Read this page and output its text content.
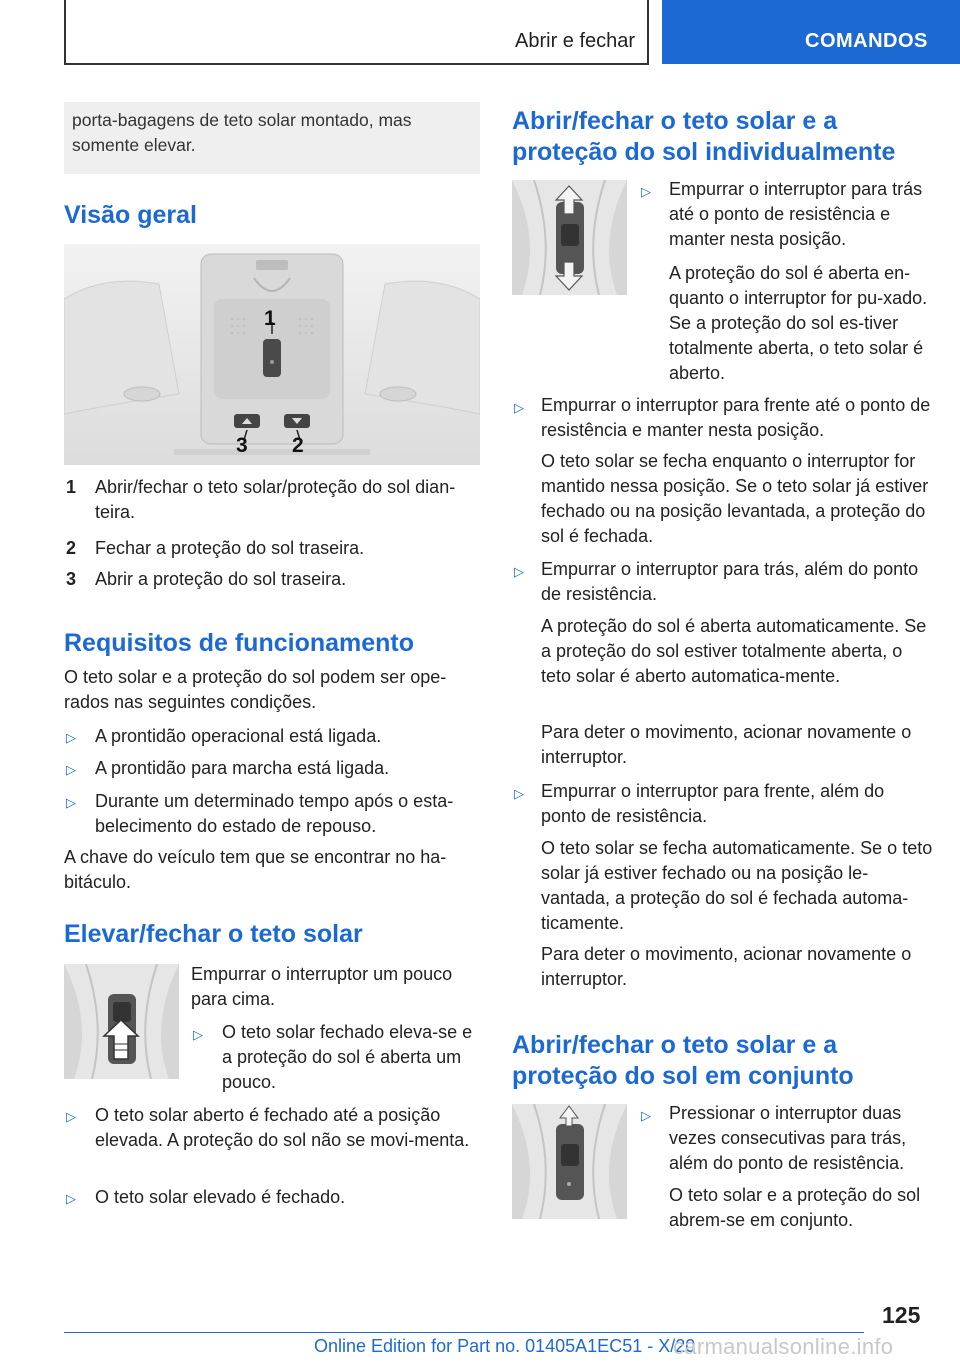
Abrir e fechar	COMANDOS

porta-bagagens de teto solar montado, mas somente elevar.

Visão geral
1
2
3
1 Abrir/fechar o teto solar/proteção do sol dian-teira.

2 Fechar a proteção do sol traseira.

3 Abrir a proteção do sol traseira.

Requisitos de funcionamento

O teto solar e a proteção do sol podem ser ope-rados nas seguintes condições.

▷ A prontidão operacional está ligada.

▷ A prontidão para marcha está ligada.

▷ Durante um determinado tempo após o esta-belecimento do estado de repouso.

A chave do veículo tem que se encontrar no ha-bitáculo.

Elevar/fechar o teto solar

Empurrar o interruptor um pouco para cima.

▷ O teto solar fechado eleva-se e a proteção do sol é aberta um pouco.

▷ O teto solar aberto é fechado até a posição elevada. A proteção do sol não se movi-menta.

▷ O teto solar elevado é fechado.

Abrir/fechar o teto solar e a proteção do sol individualmente
▷ Empurrar o interruptor para trás até o ponto de resistência e manter nesta posição.

A proteção do sol é aberta en-quanto o interruptor for pu-xado. Se a proteção do sol es-tiver totalmente aberta, o teto solar é aberto.

▷ Empurrar o interruptor para frente até o ponto de resistência e manter nesta posição.

O teto solar se fecha enquanto o interruptor for mantido nessa posição. Se o teto solar já estiver fechado ou na posição levantada, a proteção do sol é fechada.

▷ Empurrar o interruptor para trás, além do ponto de resistência.

A proteção do sol é aberta automaticamente. Se a proteção do sol estiver totalmente aberta, o teto solar é aberto automatica-mente.

Para deter o movimento, acionar novamente o interruptor.

▷ Empurrar o interruptor para frente, além do ponto de resistência.

O teto solar se fecha automaticamente. Se o teto solar já estiver fechado ou na posição le-vantada, a proteção do sol é fechada automa-ticamente.

Para deter o movimento, acionar novamente o interruptor.

Abrir/fechar o teto solar e a proteção do sol em conjunto
▷ Pressionar o interruptor duas vezes consecutivas para trás, além do ponto de resistência.

O teto solar e a proteção do sol abrem-se em conjunto.

125
Online Edition for Part no. 01405A1EC51 - X/20
carmanualsonline.info
